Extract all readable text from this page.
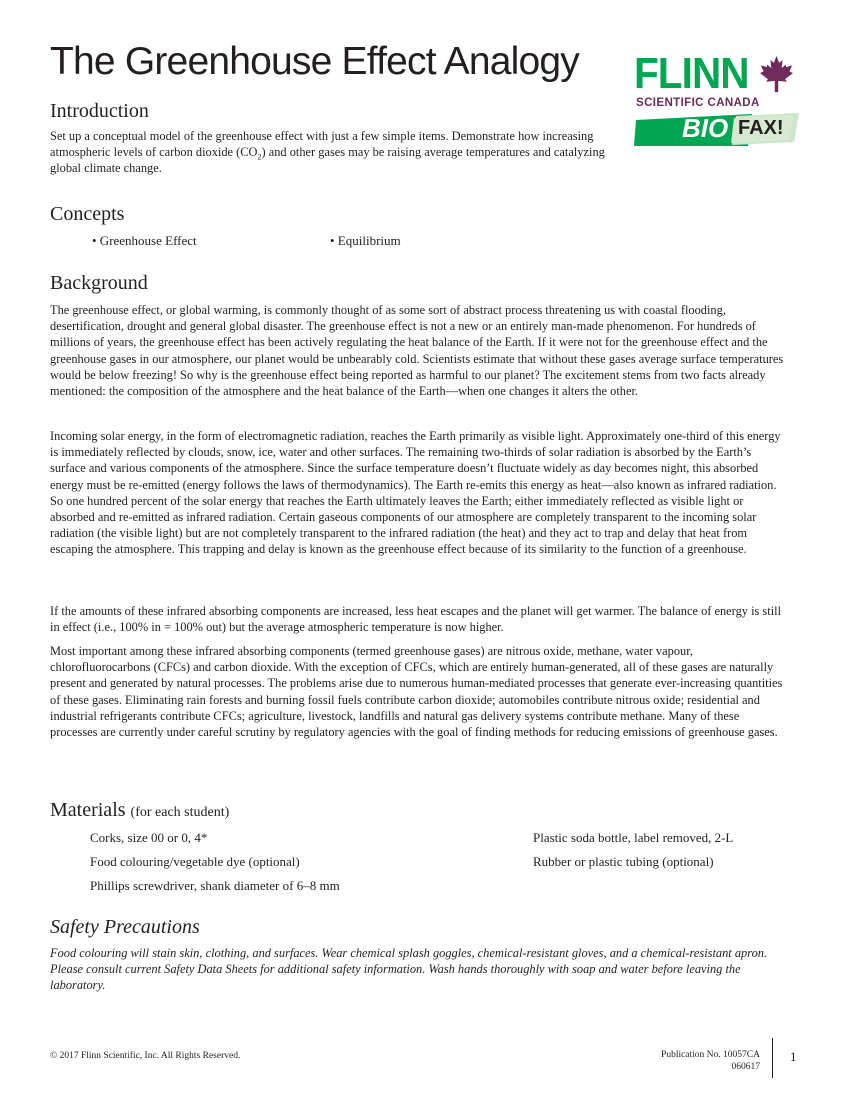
The Greenhouse Effect Analogy FLINN
SCIENTIFIC CANADA
BIO FAX!
Introduction

Set up a conceptual model of the greenhouse effect with just a few simple items. Demonstrate how increasing atmospheric levels of carbon dioxide $(CO_2)$ and other gases may be raising average temperatures and catalyzing global climate change.

Concepts
• Greenhouse Effect	• Equilibrium
Background

The greenhouse effect, or global warming, is commonly thought of as some sort of abstract process threatening us with coastal flooding, desertification, drought and general global disaster. The greenhouse effect is not a new or an entirely man-made phenomenon. For hundreds of millions of years, the greenhouse effect has been actively regulating the heat balance of the Earth. If it were not for the greenhouse effect and the greenhouse gases in our atmosphere, our planet would be unbearably cold. Scientists estimate that without these gases average surface temperatures would be below freezing! So why is the greenhouse effect being reported as harmful to our planet? The excitement stems from two facts already mentioned: the composition of the atmosphere and the heat balance of the Earth—when one changes it alters the other.

Incoming solar energy, in the form of electromagnetic radiation, reaches the Earth primarily as visible light. Approximately one-third of this energy is immediately reflected by clouds, snow, ice, water and other surfaces. The remaining two-thirds of solar radiation is absorbed by the Earth’s surface and various components of the atmosphere. Since the surface temperature doesn’t fluctuate widely as day becomes night, this absorbed energy must be re-emitted (energy follows the laws of thermodynamics). The Earth re-emits this energy as heat—also known as infrared radiation. So one hundred percent of the solar energy that reaches the Earth ultimately leaves the Earth; either immediately reflected as visible light or absorbed and re-emitted as infrared radiation. Certain gaseous components of our atmosphere are completely transparent to the incoming solar radiation (the visible light) but are not completely transparent to the infrared radiation (the heat) and they act to trap and delay that heat from escaping the atmosphere. This trapping and delay is known as the greenhouse effect because of its similarity to the function of a greenhouse.

If the amounts of these infrared absorbing components are increased, less heat escapes and the planet will get warmer. The balance of energy is still in effect (i.e., 100% in = 100% out) but the average atmospheric temperature is now higher.

Most important among these infrared absorbing components (termed greenhouse gases) are nitrous oxide, methane, water vapour, chlorofluorocarbons (CFCs) and carbon dioxide. With the exception of CFCs, which are entirely human-generated, all of these gases are naturally present and generated by natural processes. The problems arise due to numerous human-mediated processes that generate ever-increasing quantities of these gases. Eliminating rain forests and burning fossil fuels contribute carbon dioxide; automobiles contribute nitrous oxide; residential and industrial refrigerants contribute CFCs; agriculture, livestock, landfills and natural gas delivery systems contribute methane. Many of these processes are currently under careful scrutiny by regulatory agencies with the goal of finding methods for reducing emissions of greenhouse gases.

Materials (for each student)
Corks, size 00 or 0, 4*
Food colouring/vegetable dye (optional)
Phillips screwdriver, shank diameter of 6–8 mm
Plastic soda bottle, label removed, 2-L
Rubber or plastic tubing (optional)
Safety Precautions

Food colouring will stain skin, clothing, and surfaces. Wear chemical splash goggles, chemical-resistant gloves, and a chemical-resistant apron. Please consult current Safety Data Sheets for additional safety information. Wash hands thoroughly with soap and water before leaving the laboratory.

© 2017 Flinn Scientific, Inc. All Rights Reserved.	Publication No. 10057CA
060617
1
